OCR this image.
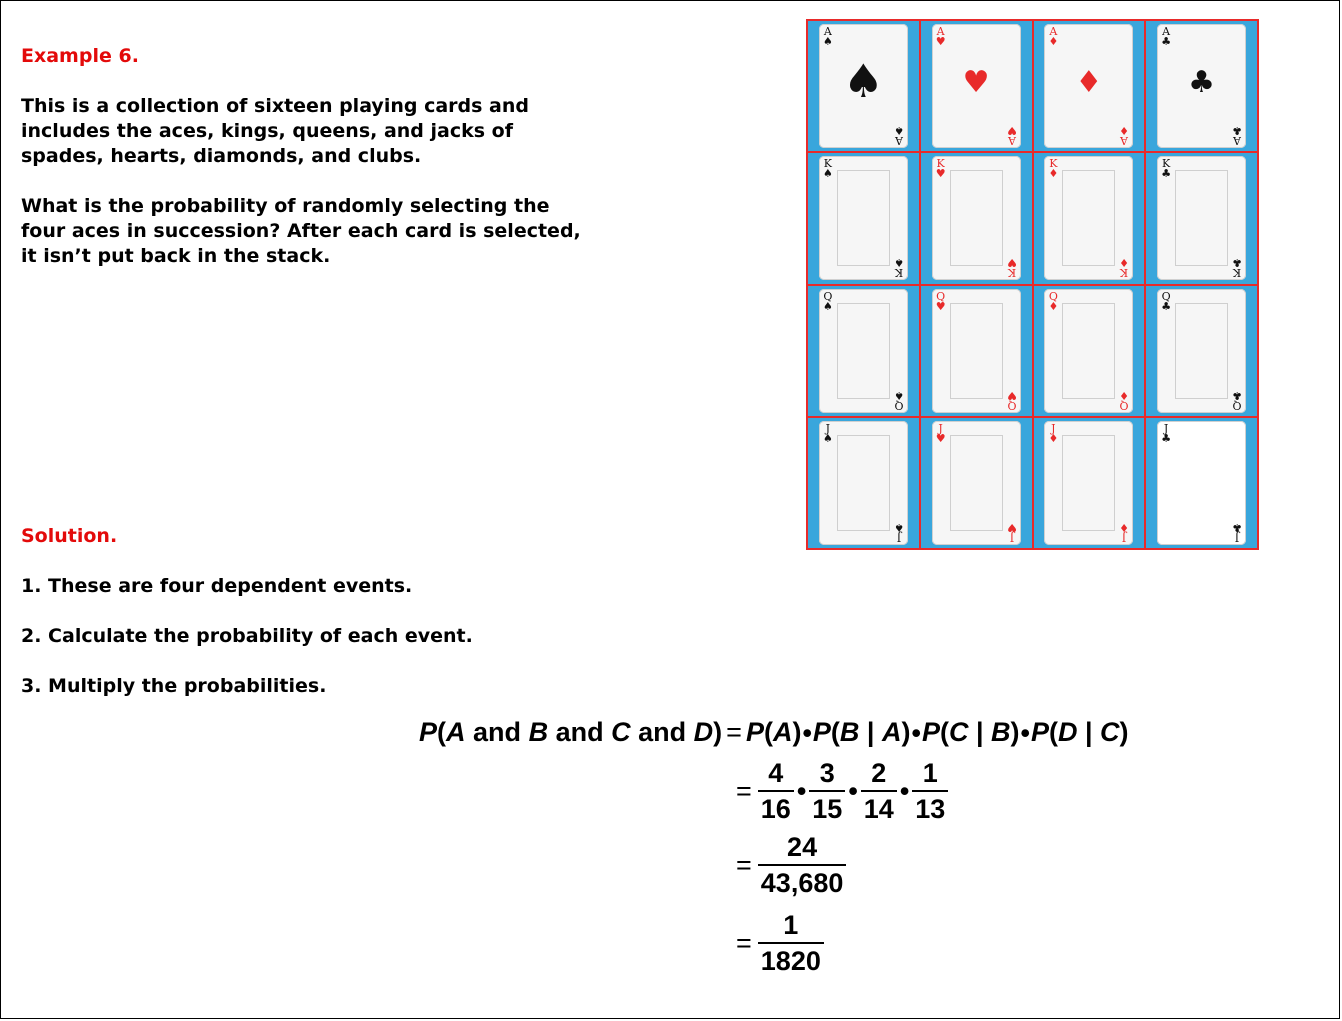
Example 6.

This is a collection of sixteen playing cards and includes the aces, kings, queens, and jacks of spades, hearts, diamonds, and clubs.

What is the probability of randomly selecting the four aces in succession? After each card is selected, it isn’t put back in the stack.

Solution.

1. These are four dependent events.

2. Calculate the probability of each event.

3. Multiply the probabilities.

A
♠
A
♠
♠
A
♥
A
♥
♥
A
♦
A
♦
♦
A
♣
A
♣
♣
K
♠
K
♠
K
♥
K
♥
K
♦
K
♦
K
♣
K
♣
Q
♠
Q
♠
Q
♥
Q
♥
Q
♦
Q
♦
Q
♣
Q
♣
J
♠
J
♠
J
♥
J
♥
J
♦
J
♦
J
♣
J
♣
P(A and B and C and D) = P(A)•P(B | A)•P(C | B)•P(D | C)
= $\frac{4}{16}$ • $\frac{3}{15}$ • $\frac{2}{14}$ • $\frac{1}{13}$
= $\frac{24}{43,680}$
= $\frac{1}{1820}$
